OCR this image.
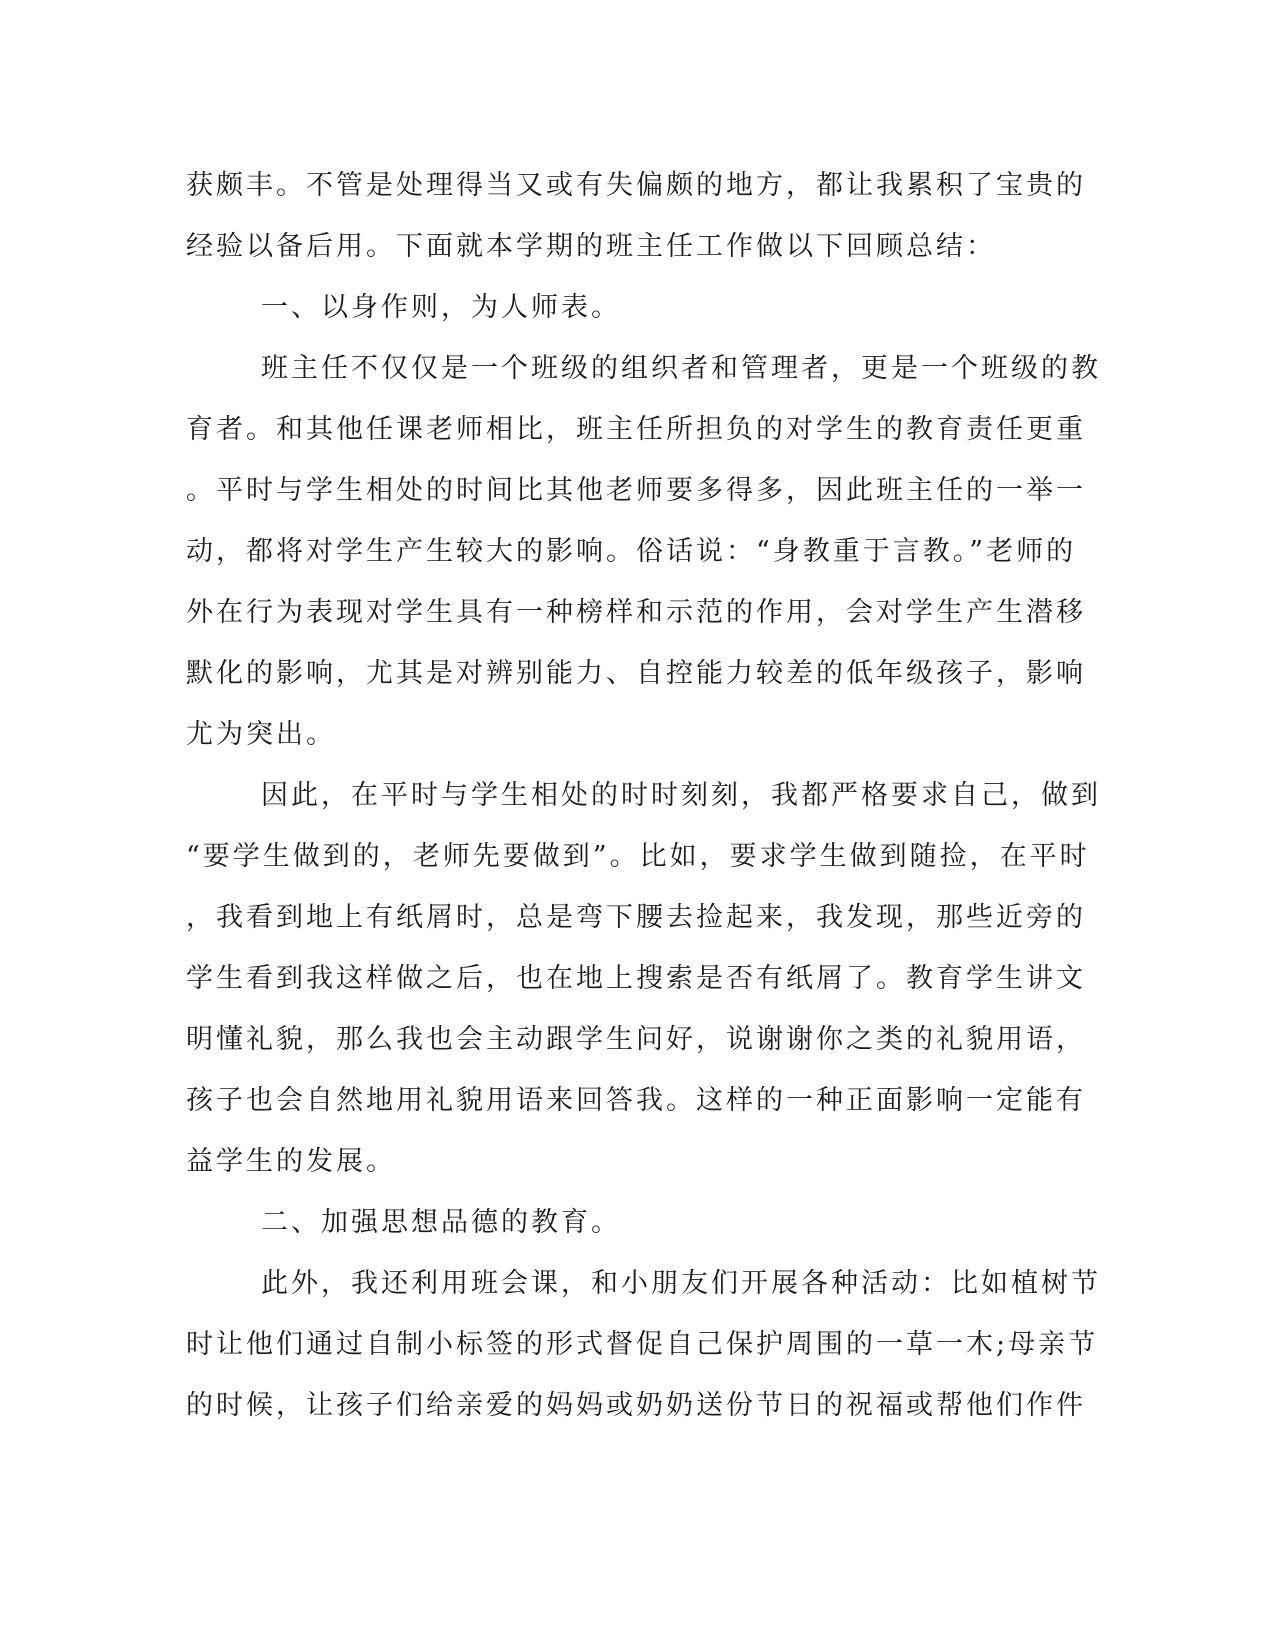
获颇丰。不管是处理得当又或有失偏颇的地方，都让我累积了宝贵的
经验以备后用。下面就本学期的班主任工作做以下回顾总结：
一、以身作则，为人师表。
班主任不仅仅是一个班级的组织者和管理者，更是一个班级的教
育者。和其他任课老师相比，班主任所担负的对学生的教育责任更重
。平时与学生相处的时间比其他老师要多得多，因此班主任的一举一
动，都将对学生产生较大的影响。俗话说：“身教重于言教。”老师的
外在行为表现对学生具有一种榜样和示范的作用，会对学生产生潜移
默化的影响，尤其是对辨别能力、自控能力较差的低年级孩子，影响
尤为突出。
因此，在平时与学生相处的时时刻刻，我都严格要求自己，做到
“要学生做到的，老师先要做到”。比如，要求学生做到随捡，在平时
，我看到地上有纸屑时，总是弯下腰去捡起来，我发现，那些近旁的
学生看到我这样做之后，也在地上搜索是否有纸屑了。教育学生讲文
明懂礼貌，那么我也会主动跟学生问好，说谢谢你之类的礼貌用语，
孩子也会自然地用礼貌用语来回答我。这样的一种正面影响一定能有
益学生的发展。
二、加强思想品德的教育。
此外，我还利用班会课，和小朋友们开展各种活动：比如植树节
时让他们通过自制小标签的形式督促自己保护周围的一草一木;母亲节
的时候，让孩子们给亲爱的妈妈或奶奶送份节日的祝福或帮他们作件
